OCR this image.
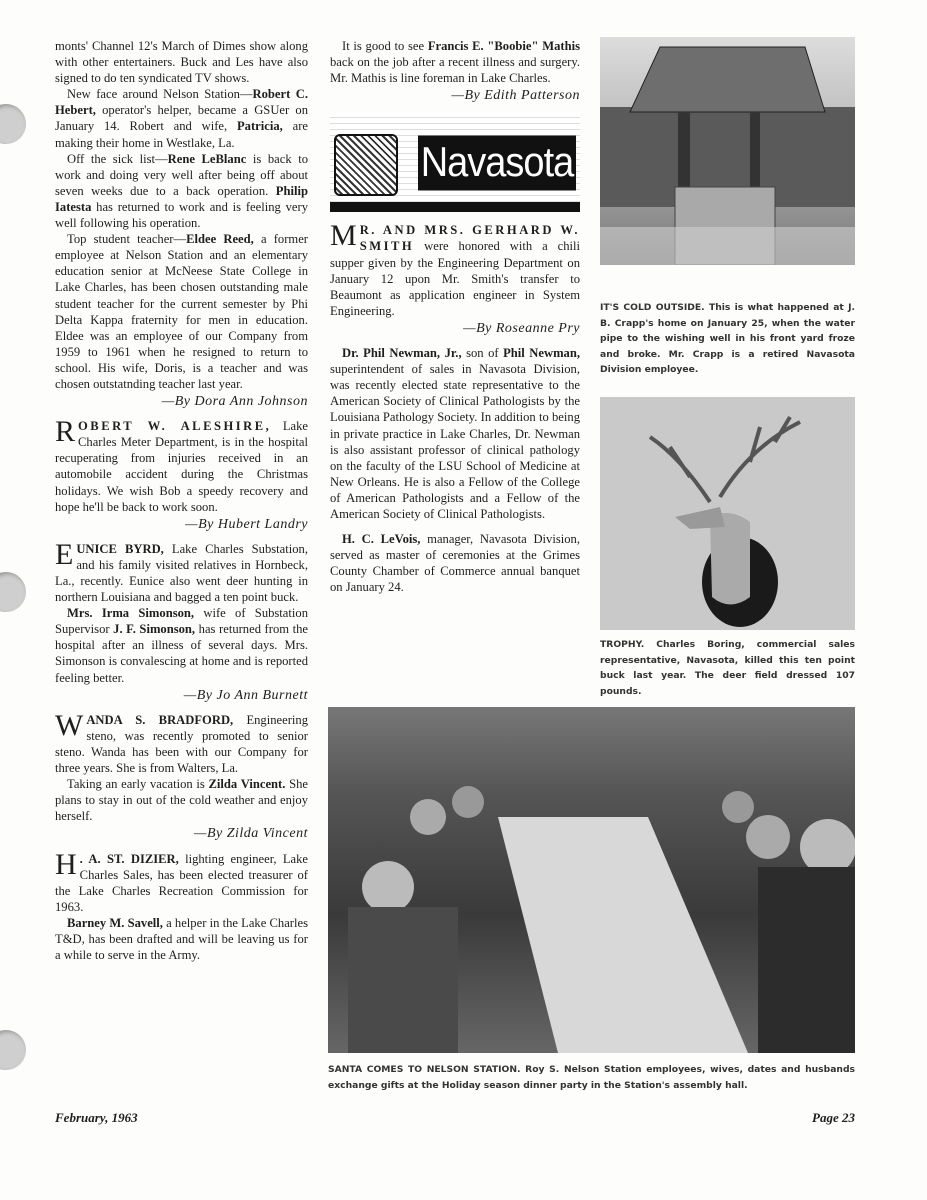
monts' Channel 12's March of Dimes show along with other entertainers. Buck and Les have also signed to do ten syndicated TV shows.

New face around Nelson Station—Robert C. Hebert, operator's helper, became a GSUer on January 14. Robert and wife, Patricia, are making their home in Westlake, La.

Off the sick list—Rene LeBlanc is back to work and doing very well after being off about seven weeks due to a back operation. Philip Iatesta has returned to work and is feeling very well following his operation.

Top student teacher—Eldee Reed, a former employee at Nelson Station and an elementary education senior at McNeese State College in Lake Charles, has been chosen outstanding male student teacher for the current semester by Phi Delta Kappa fraternity for men in education. Eldee was an employee of our Company from 1959 to 1961 when he resigned to return to school. His wife, Doris, is a teacher and was chosen outstatnding teacher last year.

—By Dora Ann Johnson

ROBERT W. ALESHIRE, Lake Charles Meter Department, is in the hospital recuperating from injuries received in an automobile accident during the Christmas holidays. We wish Bob a speedy recovery and hope he'll be back to work soon.

—By Hubert Landry

EUNICE BYRD, Lake Charles Substation, and his family visited relatives in Hornbeck, La., recently. Eunice also went deer hunting in northern Louisiana and bagged a ten point buck.

Mrs. Irma Simonson, wife of Substation Supervisor J. F. Simonson, has returned from the hospital after an illness of several days. Mrs. Simonson is convalescing at home and is reported feeling better.

—By Jo Ann Burnett

WANDA S. BRADFORD, Engineering steno, was recently promoted to senior steno. Wanda has been with our Company for three years. She is from Walters, La.

Taking an early vacation is Zilda Vincent. She plans to stay in out of the cold weather and enjoy herself.

—By Zilda Vincent

H . A. ST. DIZIER, lighting engineer, Lake Charles Sales, has been elected treasurer of the Lake Charles Recreation Commission for 1963.

Barney M. Savell, a helper in the Lake Charles T&D, has been drafted and will be leaving us for a while to serve in the Army.

It is good to see Francis E. "Boobie" Mathis back on the job after a recent illness and surgery. Mr. Mathis is line foreman in Lake Charles.

—By Edith Patterson
Navasota

M R. AND MRS. GERHARD W. SMITH were honored with a chili supper given by the Engineering Department on January 12 upon Mr. Smith's transfer to Beaumont as application engineer in System Engineering.

—By Roseanne Pry

Dr. Phil Newman, Jr., son of Phil Newman, superintendent of sales in Navasota Division, was recently elected state representative to the American Society of Clinical Pathologists by the Louisiana Pathology Society. In addition to being in private practice in Lake Charles, Dr. Newman is also assistant professor of clinical pathology on the faculty of the LSU School of Medicine at New Orleans. He is also a Fellow of the College of American Pathologists and a Fellow of the American Society of Clinical Pathologists.

H. C. LeVois, manager, Navasota Division, served as master of ceremonies at the Grimes County Chamber of Commerce annual banquet on January 24.

IT'S COLD OUTSIDE. This is what happened at J. B. Crapp's home on January 25, when the water pipe to the wishing well in his front yard froze and broke. Mr. Crapp is a retired Navasota Division employee.
TROPHY. Charles Boring, commercial sales representative, Navasota, killed this ten point buck last year. The deer field dressed 107 pounds.
SANTA COMES TO NELSON STATION. Roy S. Nelson Station employees, wives, dates and husbands exchange gifts at the Holiday season dinner party in the Station's assembly hall.
February, 1963	Page 23
